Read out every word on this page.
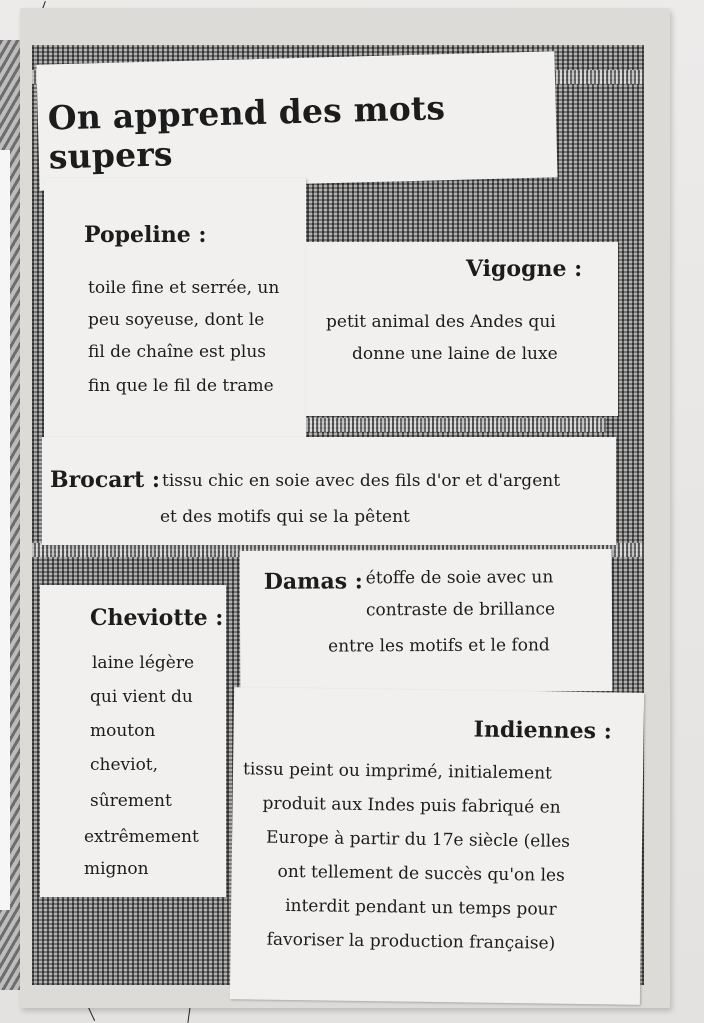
On apprend des mots supers
Popeline :
toile fine et serrée, un
peu soyeuse, dont le
fil de chaîne est plus
fin que le fil de trame
Vigogne :
petit animal des Andes qui
donne une laine de luxe
Brocart : tissu chic en soie avec des fils d'or et d'argent
et des motifs qui se la pêtent
Damas : étoffe de soie avec un
contraste de brillance
entre les motifs et le fond
Cheviotte :
laine légère
qui vient du
mouton
cheviot,
sûrement
extrêmement
mignon
Indiennes :
tissu peint ou imprimé, initialement
produit aux Indes puis fabriqué en
Europe à partir du 17e siècle (elles
ont tellement de succès qu'on les
interdit pendant un temps pour
favoriser la production française)
